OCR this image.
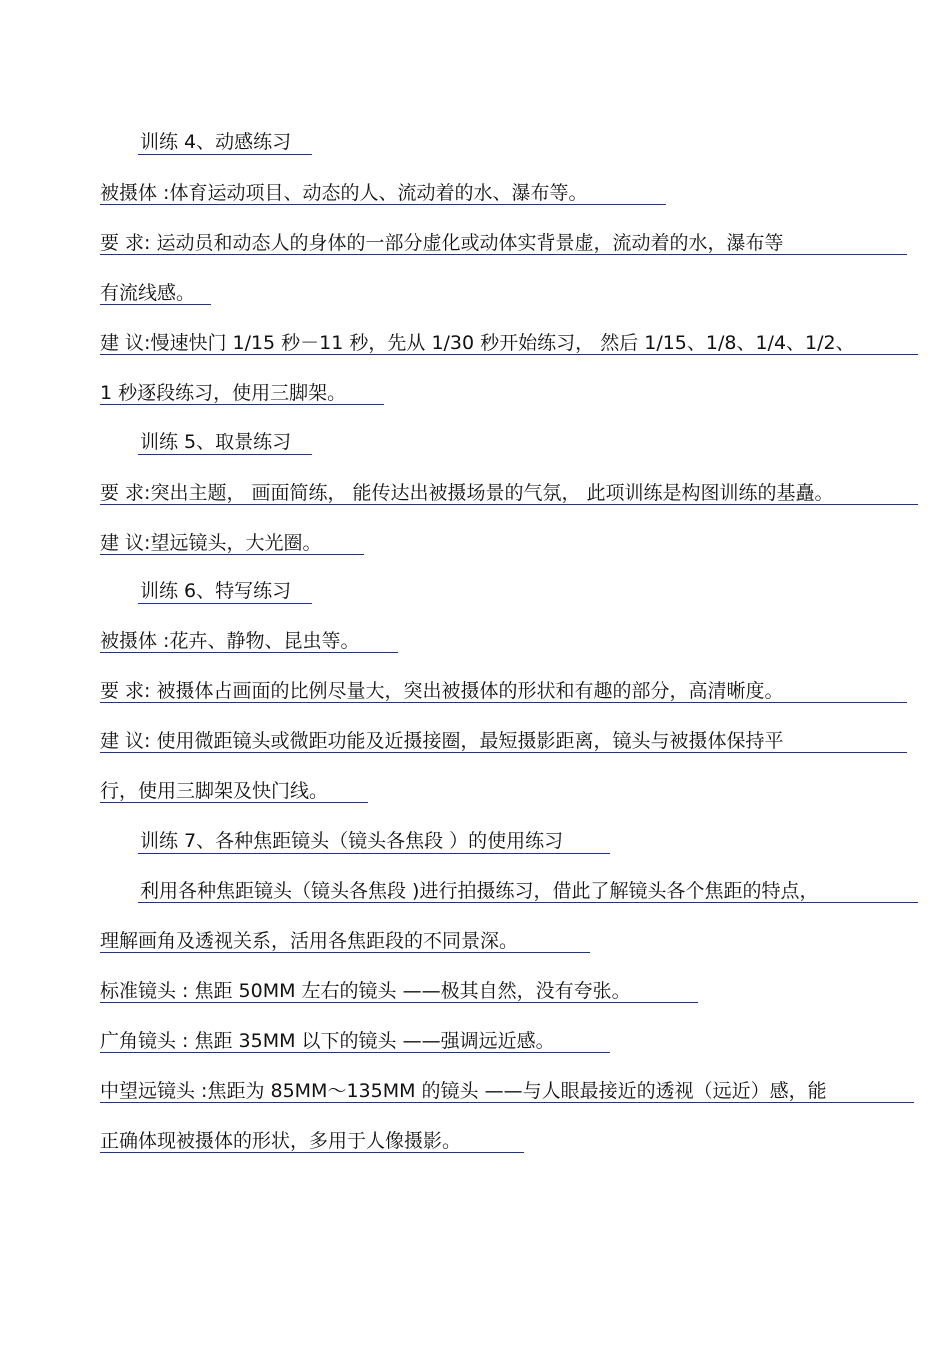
训练 4、动感练习
被摄体 :体育运动项目、动态的人、流动着的水、瀑布等。
要 求: 运动员和动态人的身体的一部分虚化或动体实背景虚，流动着的水，瀑布等
有流线感。
建 议:慢速快门 1/15 秒－11 秒，先从 1/30 秒开始练习， 然后 1/15、1/8、1/4、1/2、
1 秒逐段练习，使用三脚架。
训练 5、取景练习
要 求:突出主题， 画面简练， 能传达出被摄场景的气氛， 此项训练是构图训练的基矗。
建 议:望远镜头，大光圈。
训练 6、特写练习
被摄体 :花卉、静物、昆虫等。
要 求: 被摄体占画面的比例尽量大，突出被摄体的形状和有趣的部分，高清晰度。
建 议: 使用微距镜头或微距功能及近摄接圈，最短摄影距离，镜头与被摄体保持平
行，使用三脚架及快门线。
训练 7、各种焦距镜头（镜头各焦段 ）的使用练习
利用各种焦距镜头（镜头各焦段 )进行拍摄练习，借此了解镜头各个焦距的特点，
理解画角及透视关系，活用各焦距段的不同景深。
标准镜头 : 焦距 50MM 左右的镜头 ——极其自然，没有夸张。
广角镜头 : 焦距 35MM 以下的镜头 ——强调远近感。
中望远镜头 :焦距为 85MM～135MM 的镜头 ——与人眼最接近的透视（远近）感，能
正确体现被摄体的形状，多用于人像摄影。
